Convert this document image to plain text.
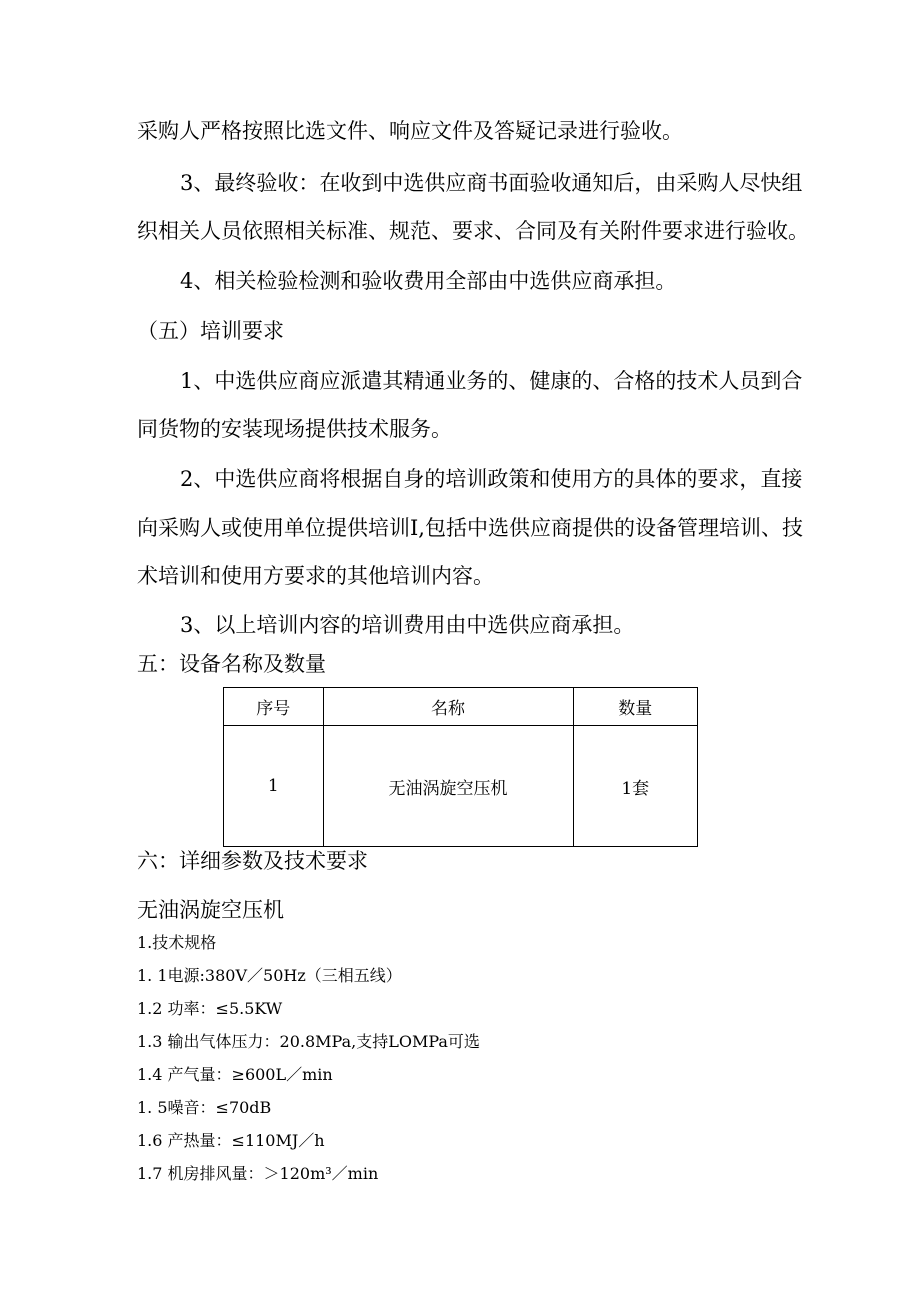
采购人严格按照比选文件、响应文件及答疑记录进行验收。
3、最终验收：在收到中选供应商书面验收通知后，由采购人尽快组
织相关人员依照相关标准、规范、要求、合同及有关附件要求进行验收。
4、相关检验检测和验收费用全部由中选供应商承担。
（五）培训要求
1、中选供应商应派遣其精通业务的、健康的、合格的技术人员到合
同货物的安装现场提供技术服务。
2、中选供应商将根据自身的培训政策和使用方的具体的要求，直接
向采购人或使用单位提供培训I,包括中选供应商提供的设备管理培训、技
术培训和使用方要求的其他培训内容。
3、以上培训内容的培训费用由中选供应商承担。
五：设备名称及数量
序号	名称	数量
1	无油涡旋空压机	1套
六：详细参数及技术要求
无油涡旋空压机
1.技术规格
1. 1电源:380V／50Hz（三相五线）
1.2 功率：≤5.5KW
1.3 输出气体压力：20.8MPa,支持LOMPa可选
1.4 产气量：≥600L／min
1. 5噪音：≤70dB
1.6 产热量：≤110MJ／h
1.7 机房排风量：＞120m³／min
